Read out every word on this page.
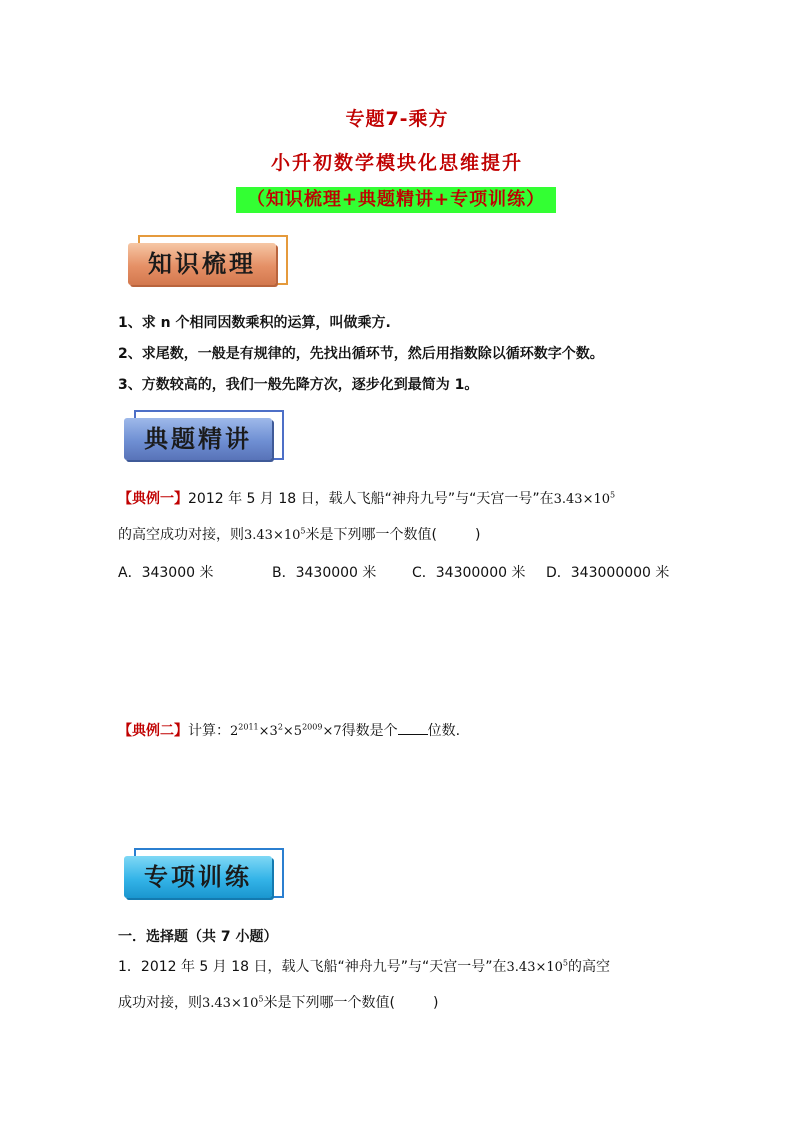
专题7-乘方
小升初数学模块化思维提升
（知识梳理+典题精讲+专项训练）
知识梳理
1、求 n 个相同因数乘积的运算，叫做乘方.
2、求尾数，一般是有规律的，先找出循环节，然后用指数除以循环数字个数。
3、方数较高的，我们一般先降方次，逐步化到最简为 1。
典题精讲
【典例一】2012 年 5 月 18 日，载人飞船“神舟九号”与“天宫一号”在$3.43\times 10^5$
的高空成功对接，则$3.43\times 10^5$米是下列哪一个数值(	)
A．343000 米	B．3430000 米	C．34300000 米 D．343000000 米
【典例二】计算：$2^{2011}\times 3^2\times 5^{2009}\times 7$得数是个 位数.
专项训练
一．选择题（共 7 小题）
1．2012 年 5 月 18 日，载人飞船“神舟九号”与“天宫一号”在$3.43\times 10^5$的高空
成功对接，则$3.43\times 10^5$米是下列哪一个数值(	)
